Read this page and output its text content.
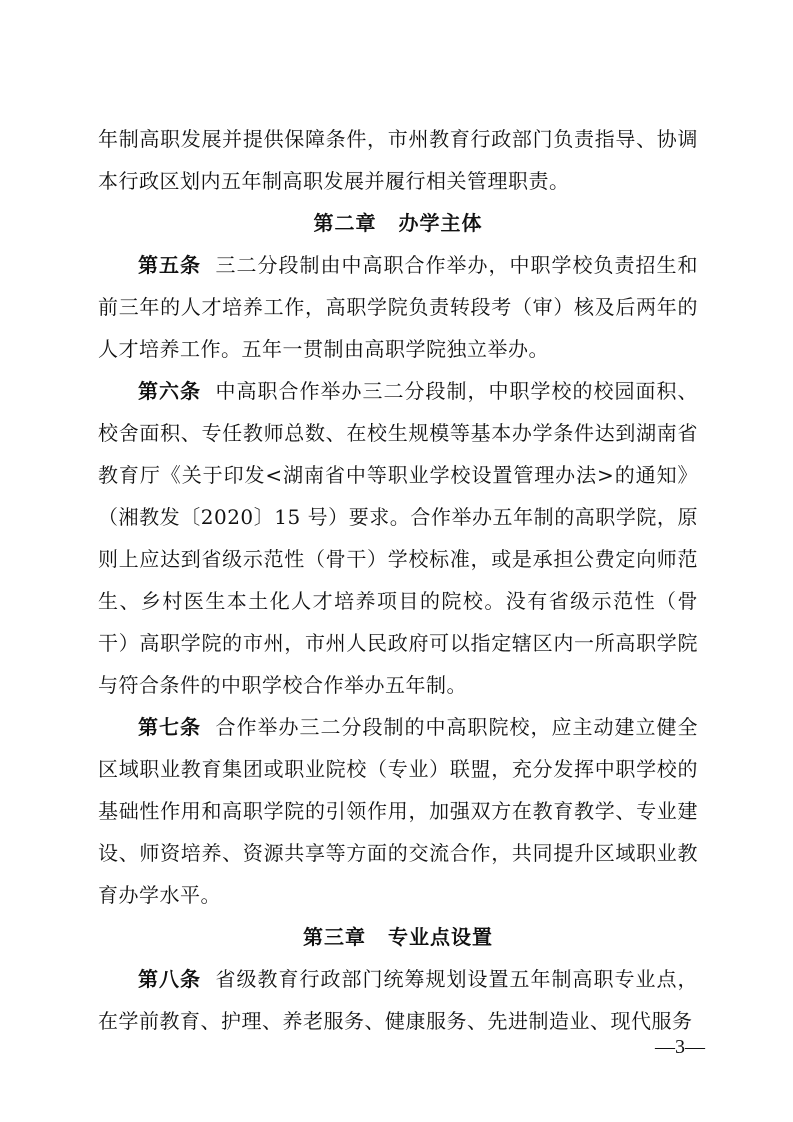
年制高职发展并提供保障条件，市州教育行政部门负责指导、协调本行政区划内五年制高职发展并履行相关管理职责。

第二章 办学主体

第五条 三二分段制由中高职合作举办，中职学校负责招生和前三年的人才培养工作，高职学院负责转段考（审）核及后两年的人才培养工作。五年一贯制由高职学院独立举办。

第六条 中高职合作举办三二分段制，中职学校的校园面积、校舍面积、专任教师总数、在校生规模等基本办学条件达到湖南省教育厅《关于印发<湖南省中等职业学校设置管理办法>的通知》（湘教发〔2020〕15 号）要求。合作举办五年制的高职学院，原则上应达到省级示范性（骨干）学校标准，或是承担公费定向师范生、乡村医生本土化人才培养项目的院校。没有省级示范性（骨干）高职学院的市州，市州人民政府可以指定辖区内一所高职学院与符合条件的中职学校合作举办五年制。

第七条 合作举办三二分段制的中高职院校，应主动建立健全区域职业教育集团或职业院校（专业）联盟，充分发挥中职学校的基础性作用和高职学院的引领作用，加强双方在教育教学、专业建设、师资培养、资源共享等方面的交流合作，共同提升区域职业教育办学水平。

第三章 专业点设置

第八条 省级教育行政部门统筹规划设置五年制高职专业点，在学前教育、护理、养老服务、健康服务、先进制造业、现代服务

—3—
